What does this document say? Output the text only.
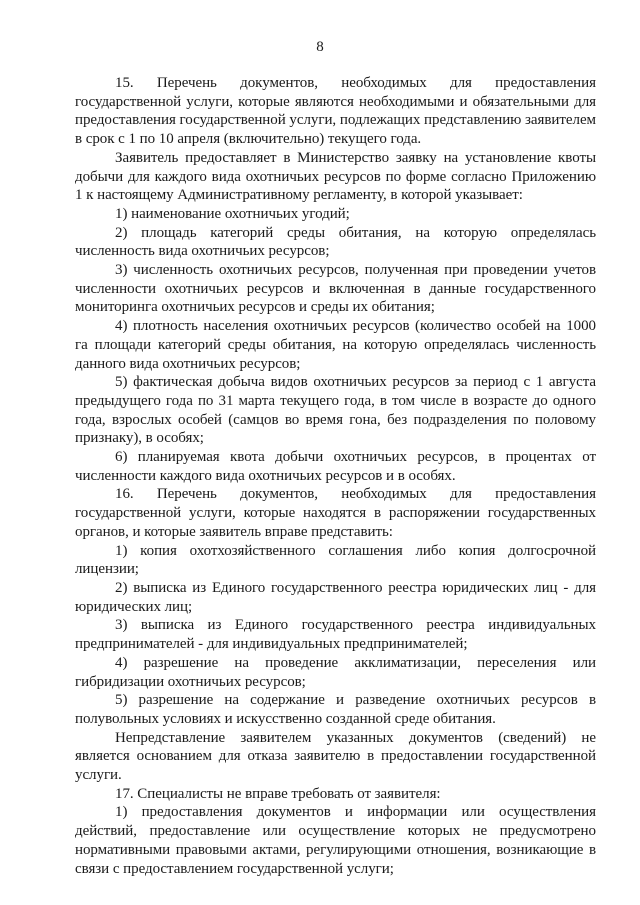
8

15. Перечень документов, необходимых для предоставления государственной услуги, которые являются необходимыми и обязательными для предоставления государственной услуги, подлежащих представлению заявителем в срок с 1 по 10 апреля (включительно) текущего года.

Заявитель предоставляет в Министерство заявку на установление квоты добычи для каждого вида охотничьих ресурсов по форме согласно Приложению 1 к настоящему Административному регламенту, в которой указывает:

1) наименование охотничьих угодий;

2) площадь категорий среды обитания, на которую определялась численность вида охотничьих ресурсов;

3) численность охотничьих ресурсов, полученная при проведении учетов численности охотничьих ресурсов и включенная в данные государственного мониторинга охотничьих ресурсов и среды их обитания;

4) плотность населения охотничьих ресурсов (количество особей на 1000 га площади категорий среды обитания, на которую определялась численность данного вида охотничьих ресурсов;

5) фактическая добыча видов охотничьих ресурсов за период с 1 августа предыдущего года по 31 марта текущего года, в том числе в возрасте до одного года, взрослых особей (самцов во время гона, без подразделения по половому признаку), в особях;

6) планируемая квота добычи охотничьих ресурсов, в процентах от численности каждого вида охотничьих ресурсов и в особях.

16. Перечень документов, необходимых для предоставления государственной услуги, которые находятся в распоряжении государственных органов, и которые заявитель вправе представить:

1) копия охотхозяйственного соглашения либо копия долгосрочной лицензии;

2) выписка из Единого государственного реестра юридических лиц - для юридических лиц;

3) выписка из Единого государственного реестра индивидуальных предпринимателей - для индивидуальных предпринимателей;

4) разрешение на проведение акклиматизации, переселения или гибридизации охотничьих ресурсов;

5) разрешение на содержание и разведение охотничьих ресурсов в полувольных условиях и искусственно созданной среде обитания.

Непредставление заявителем указанных документов (сведений) не является основанием для отказа заявителю в предоставлении государственной услуги.

17. Специалисты не вправе требовать от заявителя:

1) предоставления документов и информации или осуществления действий, предоставление или осуществление которых не предусмотрено нормативными правовыми актами, регулирующими отношения, возникающие в связи с предоставлением государственной услуги;
